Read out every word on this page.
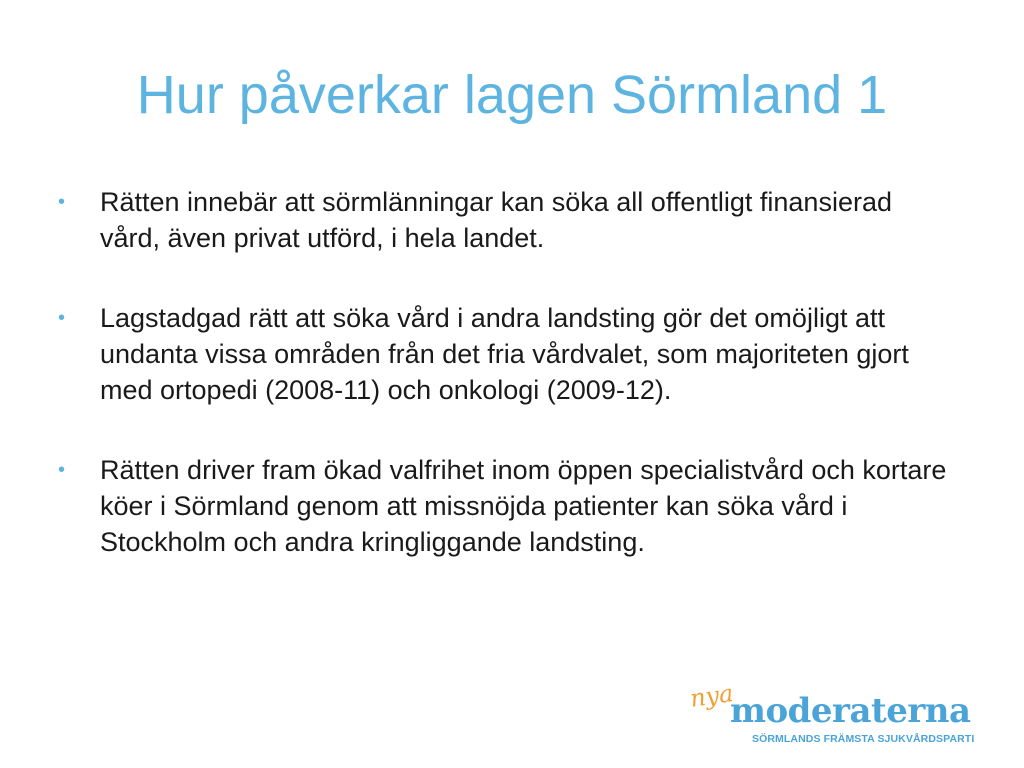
Hur påverkar lagen Sörmland 1
• Rätten innebär att sörmlänningar kan söka all offentligt finansierad vård, även privat utförd, i hela landet.
• Lagstadgad rätt att söka vård i andra landsting gör det omöjligt att undanta vissa områden från det fria vårdvalet, som majoriteten gjort med ortopedi (2008-11) och onkologi (2009-12).
• Rätten driver fram ökad valfrihet inom öppen specialistvård och kortare köer i Sörmland genom att missnöjda patienter kan söka vård i Stockholm och andra kringliggande landsting.
nya
moderaterna
SÖRMLANDS FRÄMSTA SJUKVÅRDSPARTI
